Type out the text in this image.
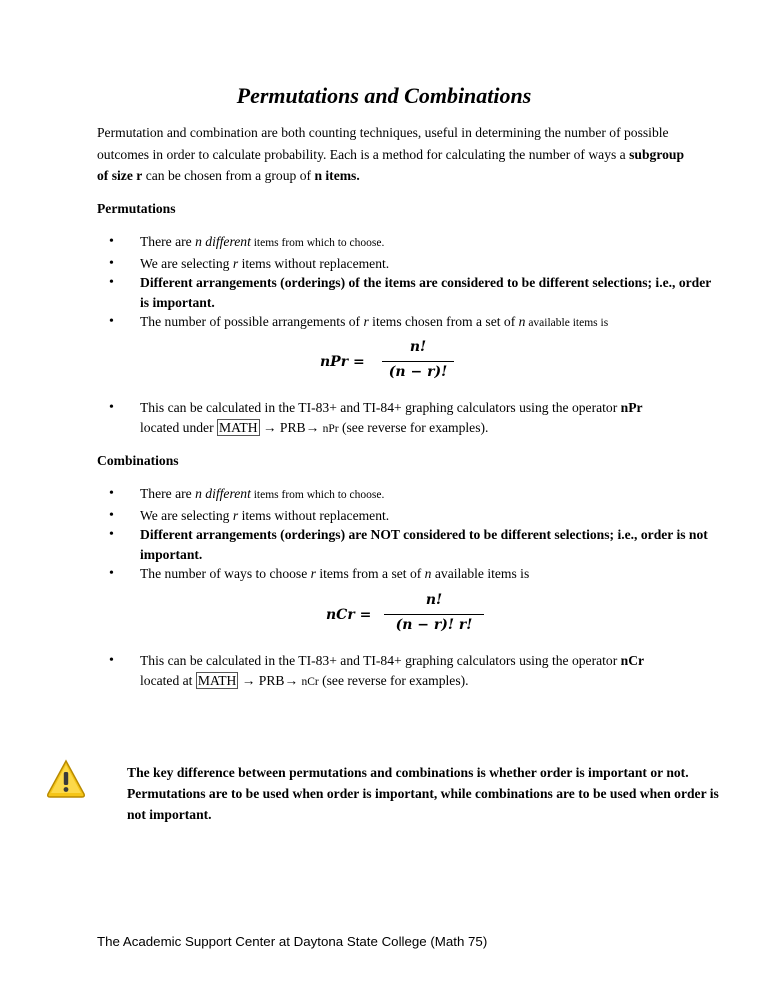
Permutations and Combinations

Permutation and combination are both counting techniques, useful in determining the number of possible outcomes in order to calculate probability. Each is a method for calculating the number of ways a subgroup of size r can be chosen from a group of n items.

Permutations

• There are n different items from which to choose.
• We are selecting r items without replacement.
• Different arrangements (orderings) of the items are considered to be different selections; i.e., order is important.
• The number of possible arrangements of r items chosen from a set of n available items is
nPr =
n!
(n − r)!
• This can be calculated in the TI-83+ and TI-84+ graphing calculators using the operator nPr
located under MATH → PRB→ nPr (see reverse for examples).

Combinations

• There are n different items from which to choose.
• We are selecting r items without replacement.
• Different arrangements (orderings) are NOT considered to be different selections; i.e., order is not important.
• The number of ways to choose r items from a set of n available items is
nCr =
n!
(n − r)! r!
• This can be calculated in the TI-83+ and TI-84+ graphing calculators using the operator nCr
located at MATH → PRB→ nCr (see reverse for examples).

The key difference between permutations and combinations is whether order is important or not. Permutations are to be used when order is important, while combinations are to be used when order is not important.

The Academic Support Center at Daytona State College (Math 75)
